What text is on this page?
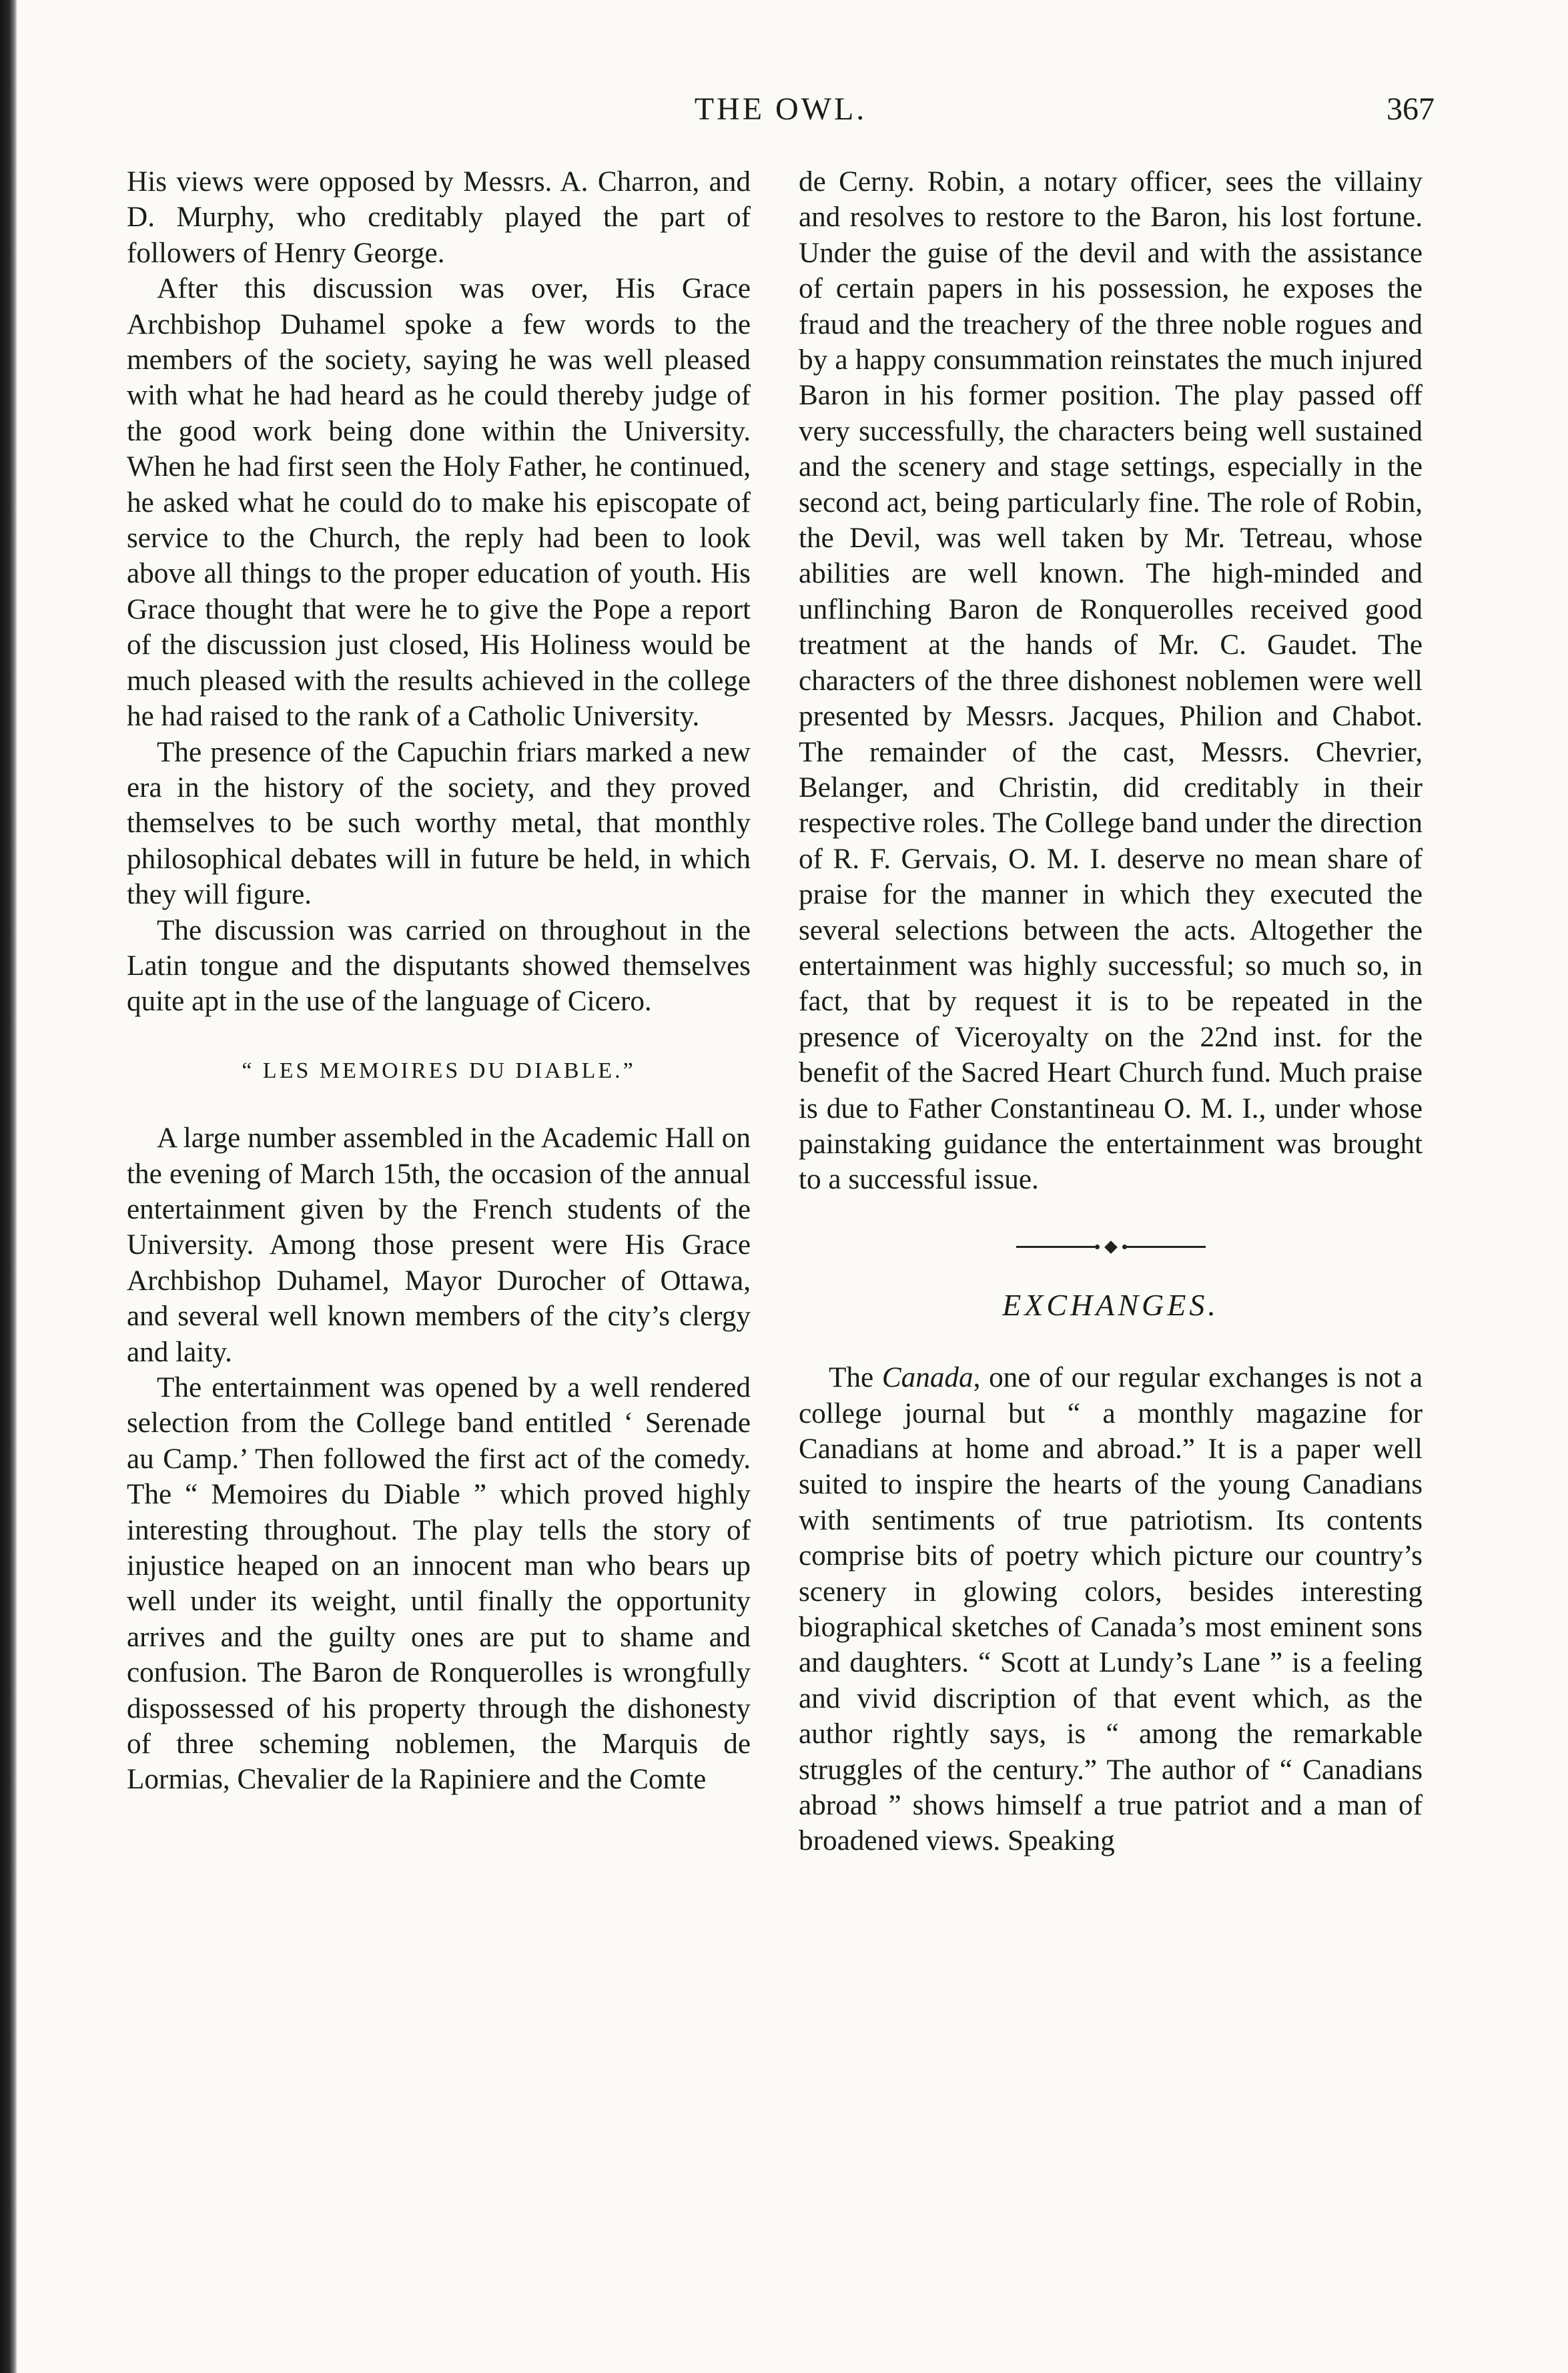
THE OWL.	367

His views were opposed by Messrs. A. Charron, and D. Murphy, who creditably played the part of followers of Henry George.

After this discussion was over, His Grace Archbishop Duhamel spoke a few words to the members of the society, saying he was well pleased with what he had heard as he could thereby judge of the good work being done within the University. When he had first seen the Holy Father, he continued, he asked what he could do to make his episcopate of service to the Church, the reply had been to look above all things to the proper education of youth. His Grace thought that were he to give the Pope a report of the discussion just closed, His Holiness would be much pleased with the results achieved in the college he had raised to the rank of a Catholic University.

The presence of the Capuchin friars marked a new era in the history of the society, and they proved themselves to be such worthy metal, that monthly philosophical debates will in future be held, in which they will figure.

The discussion was carried on throughout in the Latin tongue and the disputants showed themselves quite apt in the use of the language of Cicero.

“ LES MEMOIRES DU DIABLE.”

A large number assembled in the Academic Hall on the evening of March 15th, the occasion of the annual entertainment given by the French students of the University. Among those present were His Grace Archbishop Duhamel, Mayor Durocher of Ottawa, and several well known members of the city’s clergy and laity.

The entertainment was opened by a well rendered selection from the College band entitled ‘ Serenade au Camp.’ Then followed the first act of the comedy. The “ Memoires du Diable ” which proved highly interesting throughout. The play tells the story of injustice heaped on an innocent man who bears up well under its weight, until finally the opportunity arrives and the guilty ones are put to shame and confusion. The Baron de Ronquerolles is wrongfully dispossessed of his property through the dishonesty of three scheming noblemen, the Marquis de Lormias, Chevalier de la Rapiniere and the Comte

de Cerny. Robin, a notary officer, sees the villainy and resolves to restore to the Baron, his lost fortune. Under the guise of the devil and with the assistance of certain papers in his possession, he exposes the fraud and the treachery of the three noble rogues and by a happy consummation reinstates the much injured Baron in his former position. The play passed off very successfully, the characters being well sustained and the scenery and stage settings, especially in the second act, being particularly fine. The role of Robin, the Devil, was well taken by Mr. Tetreau, whose abilities are well known. The high-minded and unflinching Baron de Ronquerolles received good treatment at the hands of Mr. C. Gaudet. The characters of the three dishonest noblemen were well presented by Messrs. Jacques, Philion and Chabot. The remainder of the cast, Messrs. Chevrier, Belanger, and Christin, did creditably in their respective roles. The College band under the direction of R. F. Gervais, O. M. I. deserve no mean share of praise for the manner in which they executed the several selections between the acts. Altogether the entertainment was highly successful; so much so, in fact, that by request it is to be repeated in the presence of Viceroyalty on the 22nd inst. for the benefit of the Sacred Heart Church fund. Much praise is due to Father Constantineau O. M. I., under whose painstaking guidance the entertainment was brought to a successful issue.

EXCHANGES.

The Canada, one of our regular exchanges is not a college journal but “ a monthly magazine for Canadians at home and abroad.” It is a paper well suited to inspire the hearts of the young Canadians with sentiments of true patriotism. Its contents comprise bits of poetry which picture our country’s scenery in glowing colors, besides interesting biographical sketches of Canada’s most eminent sons and daughters. “ Scott at Lundy’s Lane ” is a feeling and vivid discription of that event which, as the author rightly says, is “ among the remarkable struggles of the century.” The author of “ Canadians abroad ” shows himself a true patriot and a man of broadened views. Speaking
